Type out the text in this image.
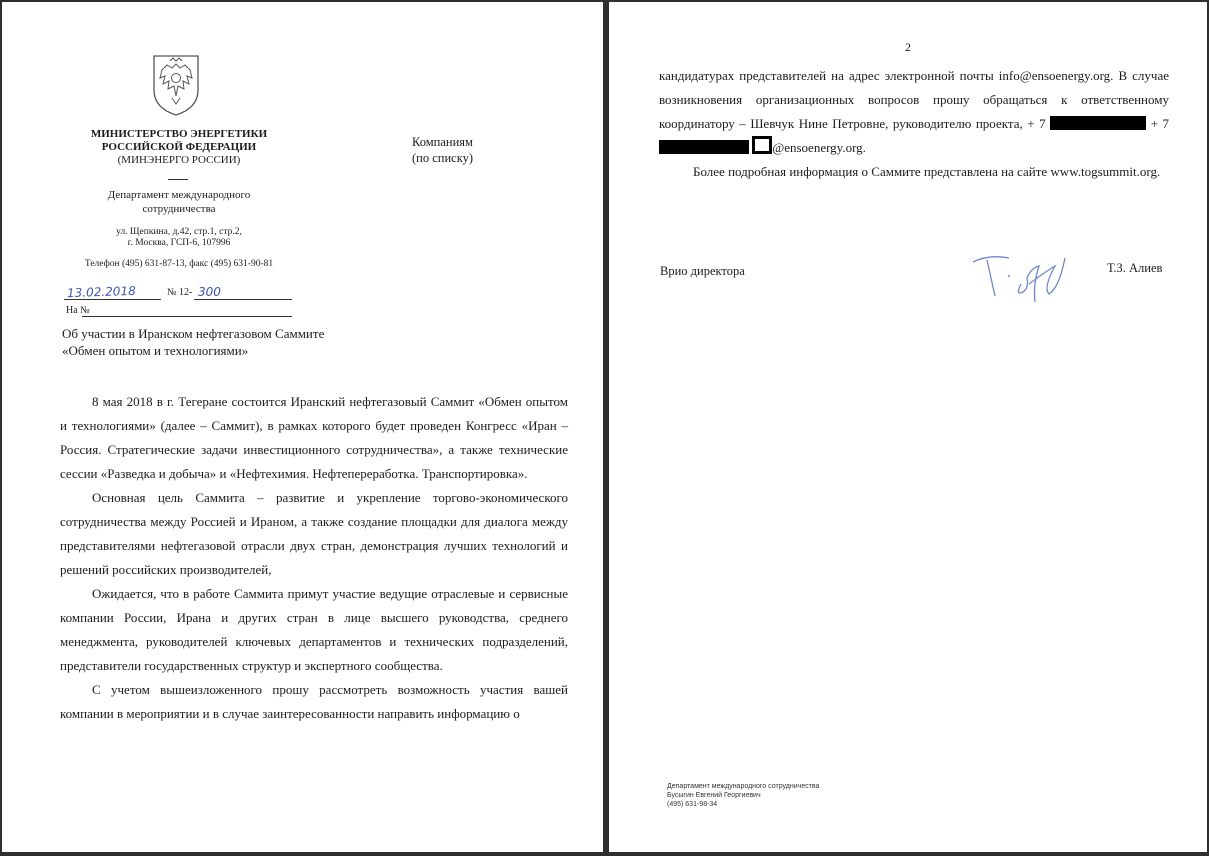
МИНИСТЕРСТВО ЭНЕРГЕТИКИ
РОССИЙСКОЙ ФЕДЕРАЦИИ
(МИНЭНЕРГО РОССИИ)
Департамент международного
сотрудничества
ул. Щепкина, д.42, стр.1, стр.2,
г. Москва, ГСП-6, 107996
Телефон (495) 631-87-13, факс (495) 631-90-81
Компаниям
(по списку)
13.02.2018	№ 12- 300
На №
Об участии в Иранском нефтегазовом Саммите
«Обмен опытом и технологиями»

8 мая 2018 в г. Тегеране состоится Иранский нефтегазовый Саммит «Обмен опытом и технологиями» (далее – Саммит), в рамках которого будет проведен Конгресс «Иран – Россия. Стратегические задачи инвестиционного сотрудничества», а также технические сессии «Разведка и добыча» и «Нефтехимия. Нефтепереработка. Транспортировка».

Основная цель Саммита – развитие и укрепление торгово-экономического сотрудничества между Россией и Ираном, а также создание площадки для диалога между представителями нефтегазовой отрасли двух стран, демонстрация лучших технологий и решений российских производителей,

Ожидается, что в работе Саммита примут участие ведущие отраслевые и сервисные компании России, Ирана и других стран в лице высшего руководства, среднего менеджмента, руководителей ключевых департаментов и технических подразделений, представители государственных структур и экспертного сообщества.

С учетом вышеизложенного прошу рассмотреть возможность участия вашей компании в мероприятии и в случае заинтересованности направить информацию о

2

кандидатурах представителей на адрес электронной почты info@ensoenergy.org. В случае возникновения организационных вопросов прошу обращаться к ответственному координатору – Шевчук Нине Петровне, руководителю проекта, + 7	+ 7  @ensoenergy.org.

Более подробная информация о Саммите представлена на сайте www.togsummit.org.

Врио директора	Т.З. Алиев
Департамент международного сотрудничества
Бусыгин Евгений Георгиевич
(495) 631-98-34
